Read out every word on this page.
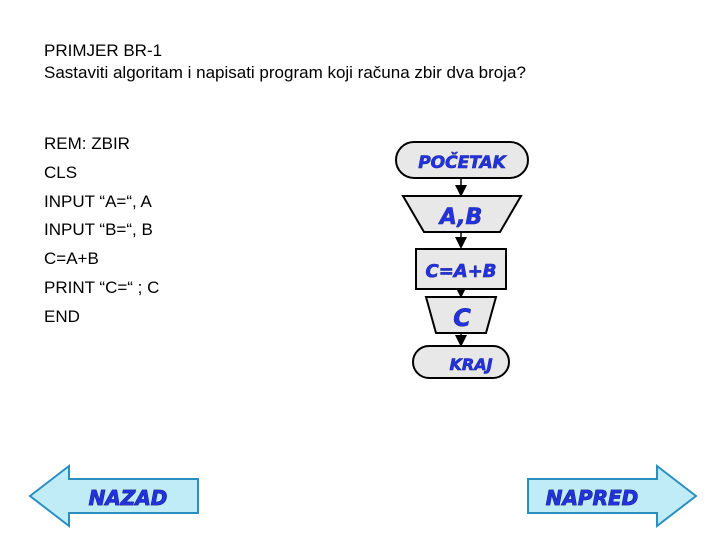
PRIMJER BR-1
Sastaviti algoritam i napisati program koji računa zbir dva broja?
REM: ZBIR
CLS
INPUT “A=“, A
INPUT “B=“, B
C=A+B
PRINT “C=“ ; C
END
POČETAK
A,B
C=A+B
C
KRAJ
NAZAD	NAPRED
